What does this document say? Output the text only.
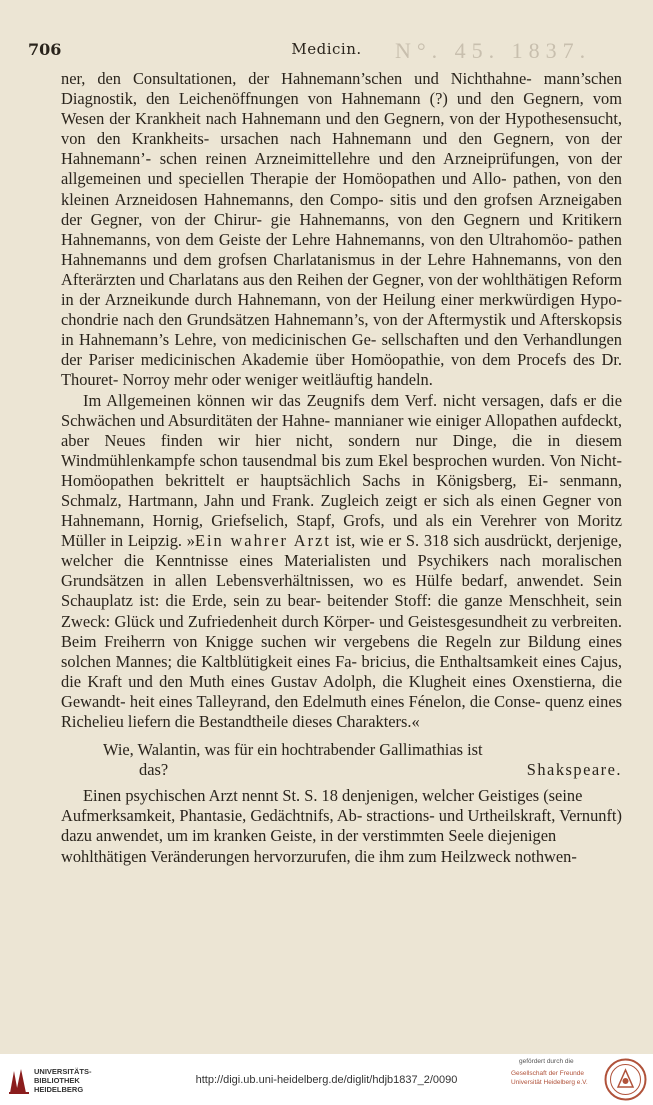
N°. 45. 1837.
706	Medicin.

ner, den Consultationen, der Hahnemann’schen und Nichthahne- mann’schen Diagnostik, den Leichenöffnungen von Hahnemann (?) und den Gegnern, vom Wesen der Krankheit nach Hahnemann und den Gegnern, von der Hypothesensucht, von den Krankheits- ursachen nach Hahnemann und den Gegnern, von der Hahnemann’- schen reinen Arzneimittellehre und den Arzneiprüfungen, von der allgemeinen und speciellen Therapie der Homöopathen und Allo- pathen, von den kleinen Arzneidosen Hahnemanns, den Compo- sitis und den grofsen Arzneigaben der Gegner, von der Chirur- gie Hahnemanns, von den Gegnern und Kritikern Hahnemanns, von dem Geiste der Lehre Hahnemanns, von den Ultrahomöo- pathen Hahnemanns und dem grofsen Charlatanismus in der Lehre Hahnemanns, von den Afterärzten und Charlatans aus den Reihen der Gegner, von der wohlthätigen Reform in der Arzneikunde durch Hahnemann, von der Heilung einer merkwürdigen Hypo- chondrie nach den Grundsätzen Hahnemann’s, von der Aftermystik und Afterskopsis in Hahnemann’s Lehre, von medicinischen Ge- sellschaften und den Verhandlungen der Pariser medicinischen Akademie über Homöopathie, von dem Procefs des Dr. Thouret- Norroy mehr oder weniger weitläuftig handeln.

Im Allgemeinen können wir das Zeugnifs dem Verf. nicht versagen, dafs er die Schwächen und Absurditäten der Hahne- mannianer wie einiger Allopathen aufdeckt, aber Neues finden wir hier nicht, sondern nur Dinge, die in diesem Windmühlenkampfe schon tausendmal bis zum Ekel besprochen wurden. Von Nicht- Homöopathen bekrittelt er hauptsächlich Sachs in Königsberg, Ei- senmann, Schmalz, Hartmann, Jahn und Frank. Zugleich zeigt er sich als einen Gegner von Hahnemann, Hornig, Griefselich, Stapf, Grofs, und als ein Verehrer von Moritz Müller in Leipzig. »Ein wahrer Arzt ist, wie er S. 318 sich ausdrückt, derjenige, welcher die Kenntnisse eines Materialisten und Psychikers nach moralischen Grundsätzen in allen Lebensverhältnissen, wo es Hülfe bedarf, anwendet. Sein Schauplatz ist: die Erde, sein zu bear- beitender Stoff: die ganze Menschheit, sein Zweck: Glück und Zufriedenheit durch Körper- und Geistesgesundheit zu verbreiten. Beim Freiherrn von Knigge suchen wir vergebens die Regeln zur Bildung eines solchen Mannes; die Kaltblütigkeit eines Fa- bricius, die Enthaltsamkeit eines Cajus, die Kraft und den Muth eines Gustav Adolph, die Klugheit eines Oxenstierna, die Gewandt- heit eines Talleyrand, den Edelmuth eines Fénelon, die Conse- quenz eines Richelieu liefern die Bestandtheile dieses Charakters.«

Wie, Walantin, was für ein hochtrabender Gallimathias ist
das?	Shakspeare.

Einen psychischen Arzt nennt St. S. 18 denjenigen, welcher Geistiges (seine Aufmerksamkeit, Phantasie, Gedächtnifs, Ab- stractions- und Urtheilskraft, Vernunft) dazu anwendet, um im kranken Geiste, in der verstimmten Seele diejenigen wohlthätigen Veränderungen hervorzurufen, die ihm zum Heilzweck nothwen-

UNIVERSITÄTS-
BIBLIOTHEK
HEIDELBERG
http://digi.ub.uni-heidelberg.de/diglit/hdjb1837_2/0090
gefördert durch die
Gesellschaft der Freunde
Universität Heidelberg e.V.
